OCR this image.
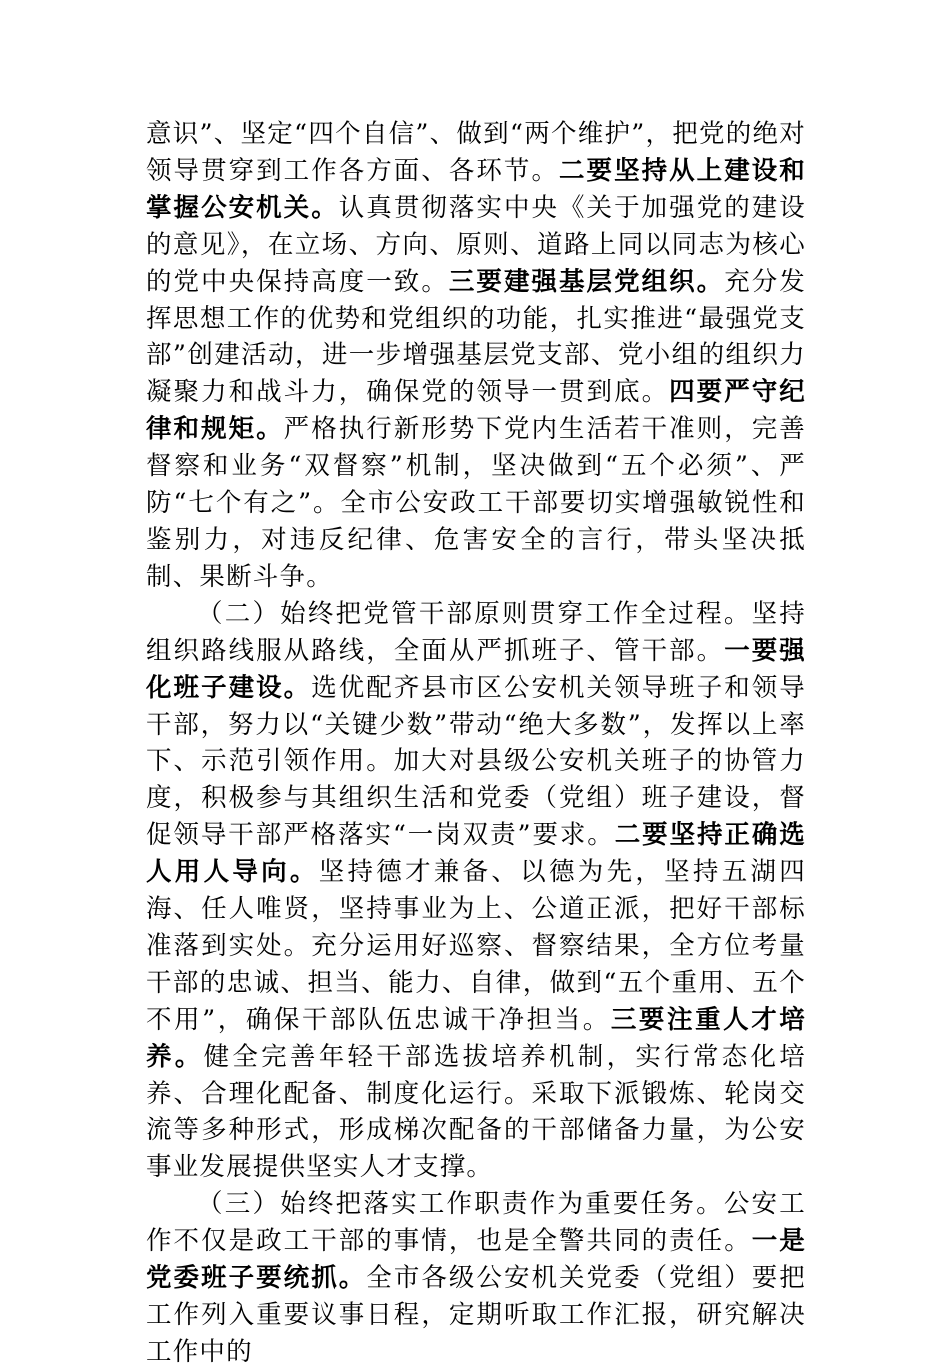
意识”、坚定“四个自信”、做到“两个维护”，把党的绝对领导贯穿到工作各方面、各环节。二要坚持从上建设和掌握公安机关。认真贯彻落实中央《关于加强党的建设的意见》，在立场、方向、原则、道路上同以同志为核心的党中央保持高度一致。三要建强基层党组织。充分发挥思想工作的优势和党组织的功能，扎实推进“最强党支部”创建活动，进一步增强基层党支部、党小组的组织力凝聚力和战斗力，确保党的领导一贯到底。四要严守纪律和规矩。严格执行新形势下党内生活若干准则，完善督察和业务“双督察”机制，坚决做到“五个必须”、严防“七个有之”。全市公安政工干部要切实增强敏锐性和鉴别力，对违反纪律、危害安全的言行，带头坚决抵制、果断斗争。

（二）始终把党管干部原则贯穿工作全过程。坚持组织路线服从路线，全面从严抓班子、管干部。一要强化班子建设。选优配齐县市区公安机关领导班子和领导干部，努力以“关键少数”带动“绝大多数”，发挥以上率下、示范引领作用。加大对县级公安机关班子的协管力度，积极参与其组织生活和党委（党组）班子建设，督促领导干部严格落实“一岗双责”要求。二要坚持正确选人用人导向。坚持德才兼备、以德为先，坚持五湖四海、任人唯贤，坚持事业为上、公道正派，把好干部标准落到实处。充分运用好巡察、督察结果，全方位考量干部的忠诚、担当、能力、自律，做到“五个重用、五个不用”，确保干部队伍忠诚干净担当。三要注重人才培养。健全完善年轻干部选拔培养机制，实行常态化培养、合理化配备、制度化运行。采取下派锻炼、轮岗交流等多种形式，形成梯次配备的干部储备力量，为公安事业发展提供坚实人才支撑。

（三）始终把落实工作职责作为重要任务。公安工作不仅是政工干部的事情，也是全警共同的责任。一是党委班子要统抓。全市各级公安机关党委（党组）要把工作列入重要议事日程，定期听取工作汇报，研究解决工作中的
